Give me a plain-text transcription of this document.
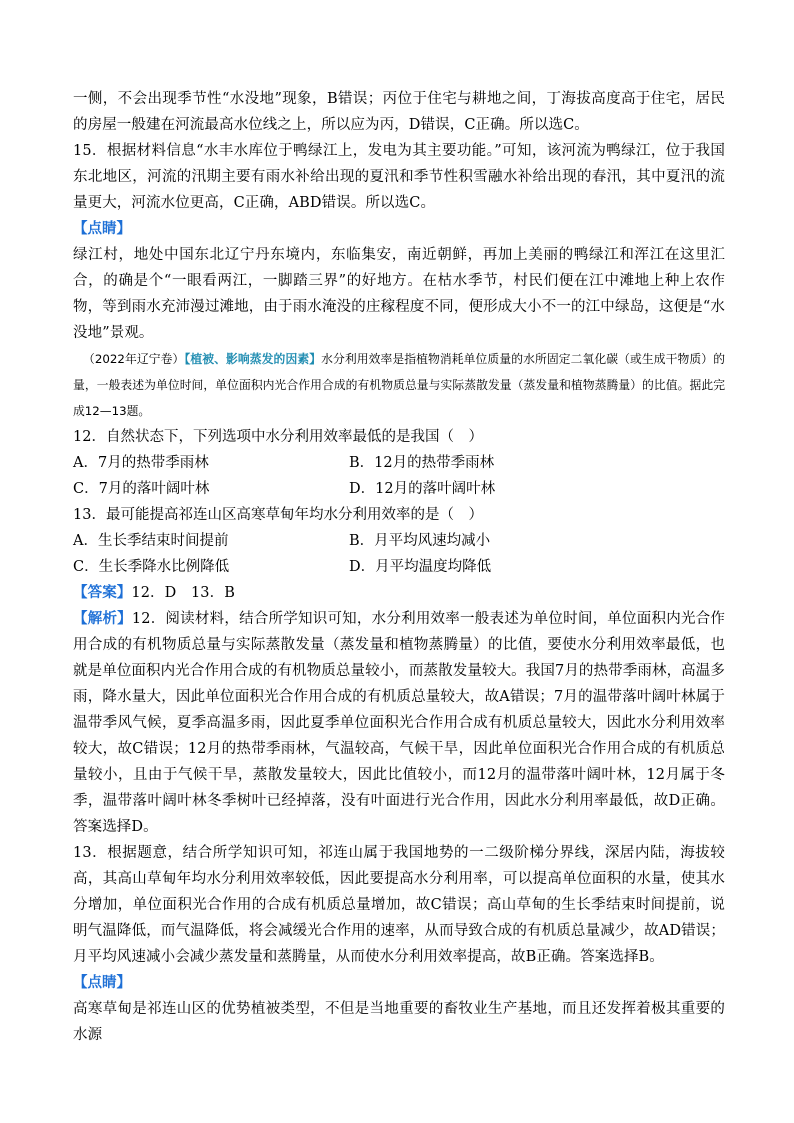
一侧，不会出现季节性“水没地”现象，B错误；丙位于住宅与耕地之间，丁海拔高度高于住宅，居民的房屋一般建在河流最高水位线之上，所以应为丙，D错误，C正确。所以选C。

15．根据材料信息“水丰水库位于鸭绿江上，发电为其主要功能。”可知，该河流为鸭绿江，位于我国东北地区，河流的汛期主要有雨水补给出现的夏汛和季节性积雪融水补给出现的春汛，其中夏汛的流量更大，河流水位更高，C正确，ABD错误。所以选C。

【点睛】

绿江村，地处中国东北辽宁丹东境内，东临集安，南近朝鲜，再加上美丽的鸭绿江和浑江在这里汇合，的确是个“一眼看两江，一脚踏三界”的好地方。在枯水季节，村民们便在江中滩地上种上农作物，等到雨水充沛漫过滩地，由于雨水淹没的庄稼程度不同，便形成大小不一的江中绿岛，这便是“水没地”景观。

（2022年辽宁卷）【植被、影响蒸发的因素】水分利用效率是指植物消耗单位质量的水所固定二氧化碳（或生成干物质）的量，一般表述为单位时间，单位面积内光合作用合成的有机物质总量与实际蒸散发量（蒸发量和植物蒸腾量）的比值。据此完成12—13题。

12．自然状态下，下列选项中水分利用效率最低的是我国（　）

A．7月的热带季雨林	B．12月的热带季雨林
C．7月的落叶阔叶林	D．12月的落叶阔叶林

13．最可能提高祁连山区高寒草甸年均水分利用效率的是（　）

A．生长季结束时间提前	B．月平均风速均减小
C．生长季降水比例降低	D．月平均温度均降低

【答案】12．D　13．B

【解析】12．阅读材料，结合所学知识可知，水分利用效率一般表述为单位时间，单位面积内光合作用合成的有机物质总量与实际蒸散发量（蒸发量和植物蒸腾量）的比值，要使水分利用效率最低，也就是单位面积内光合作用合成的有机物质总量较小，而蒸散发量较大。我国7月的热带季雨林，高温多雨，降水量大，因此单位面积光合作用合成的有机质总量较大，故A错误；7月的温带落叶阔叶林属于温带季风气候，夏季高温多雨，因此夏季单位面积光合作用合成有机质总量较大，因此水分利用效率较大，故C错误；12月的热带季雨林，气温较高，气候干旱，因此单位面积光合作用合成的有机质总量较小，且由于气候干旱，蒸散发量较大，因此比值较小，而12月的温带落叶阔叶林，12月属于冬季，温带落叶阔叶林冬季树叶已经掉落，没有叶面进行光合作用，因此水分利用率最低，故D正确。答案选择D。

13．根据题意，结合所学知识可知，祁连山属于我国地势的一二级阶梯分界线，深居内陆，海拔较高，其高山草甸年均水分利用效率较低，因此要提高水分利用率，可以提高单位面积的水量，使其水分增加，单位面积光合作用的合成有机质总量增加，故C错误；高山草甸的生长季结束时间提前，说明气温降低，而气温降低，将会减缓光合作用的速率，从而导致合成的有机质总量减少，故AD错误；月平均风速减小会减少蒸发量和蒸腾量，从而使水分利用效率提高，故B正确。答案选择B。

【点睛】

高寒草甸是祁连山区的优势植被类型，不但是当地重要的畜牧业生产基地，而且还发挥着极其重要的水源
